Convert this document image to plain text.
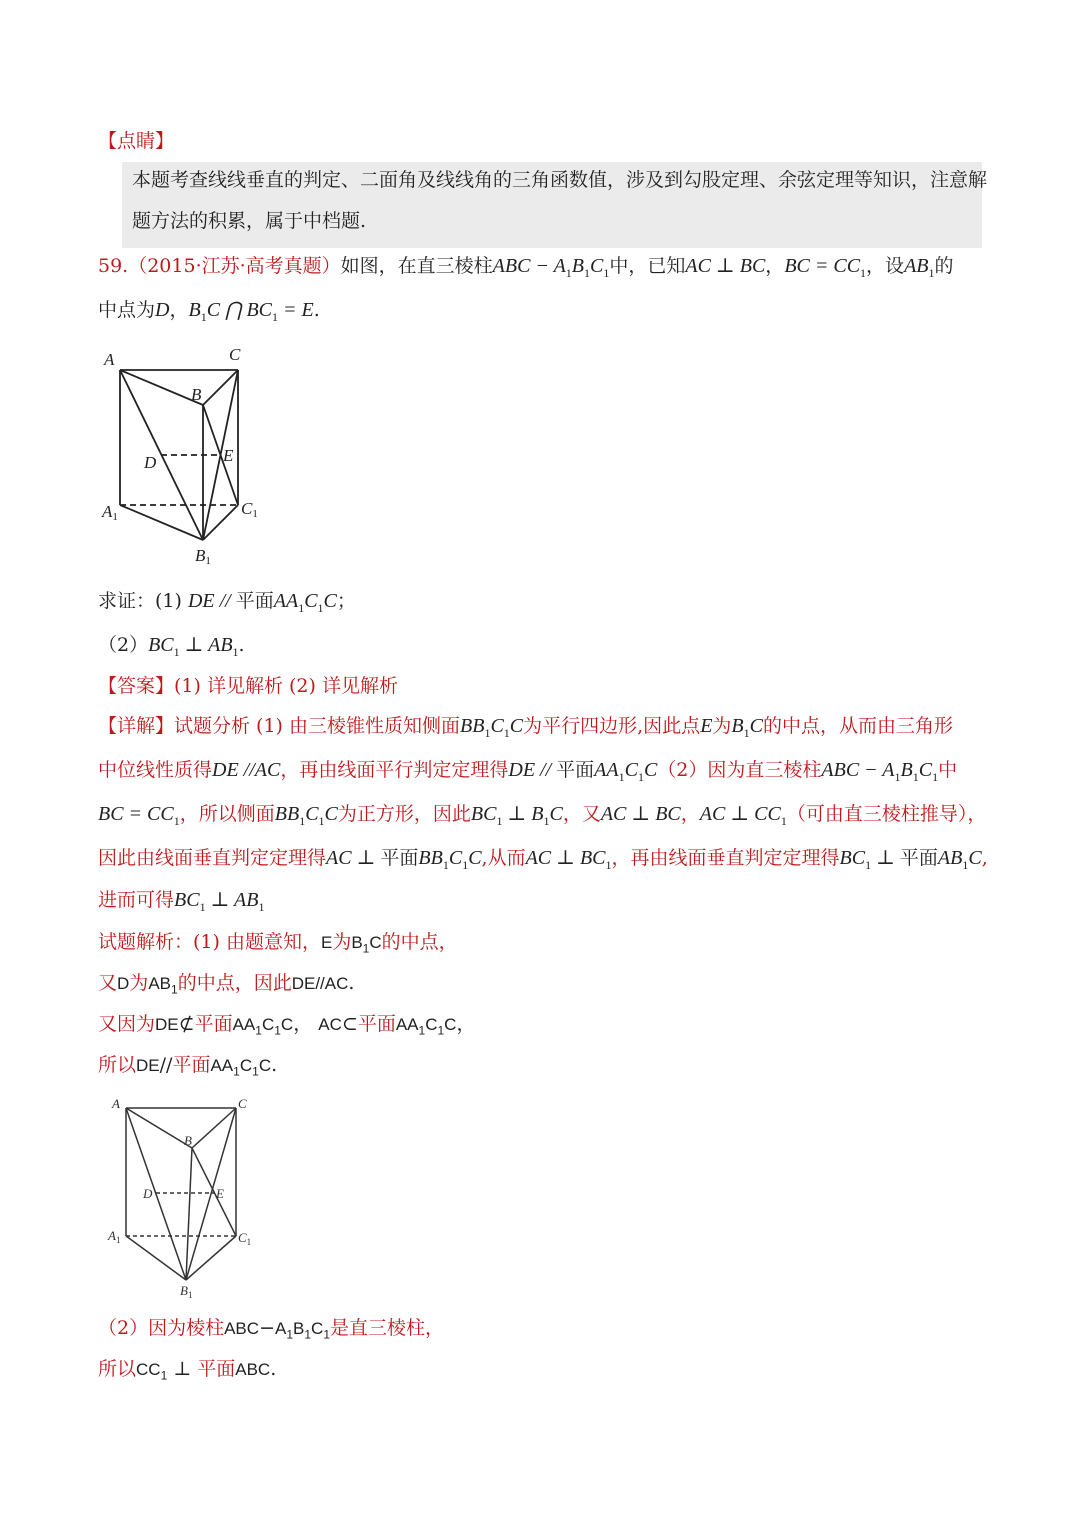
【点睛】
本题考查线线垂直的判定、二面角及线线角的三角函数值，涉及到勾股定理、余弦定理等知识，注意解
题方法的积累，属于中档题.
59.（2015·江苏·高考真题）如图，在直三棱柱ABC − $A_1B_1C_1$中，已知AC ⊥ BC，BC = $CC_1$，设$AB_1$的
中点为D，$B_1C$ ⋂ $BC_1 = E$.
A	C
B
D	E
A1	C1
B1
求证：(1) DE // 平面$AA_1C_1C$；
$(2)BC_1$ ⊥ $AB_1$.
【答案】(1) 详见解析 (2) 详见解析
【详解】试题分析 (1) 由三棱锥性质知侧面$BB_1C_1C$为平行四边形,因此点E为$B_1C$的中点，从而由三角形
中位线性质得DE //AC，再由线面平行判定定理得DE // 平面$AA_1C_1C(2)$因为直三棱柱ABC − $A_1B_1C_1$中
BC = $CC_1$，所以侧面$BB_1C_1C$为正方形，因此$BC_1$ ⊥ $B_1C$，又AC ⊥ BC，AC ⊥ $CC_1$（可由直三棱柱推导），
因此由线面垂直判定定理得AC ⊥ 平面$BB_1C_1C$,从而AC ⊥ $BC_1$，再由线面垂直判定定理得$BC_1$ ⊥ 平面$AB_1C$,
进而可得$BC_1$ ⊥ $AB_1$
试题解析：(1) 由题意知，E为$B_1C$的中点，
又D为$AB_1$的中点，因此DE//AC.
又因为DE⊄平面$AA_1C_1C$， AC⊂平面$AA_1C_1C$，
所以DE//平面$AA_1C_1C$.
A	C
B
D	E
$A_1$	$C_1$
$B_1$
（2）因为棱柱$ABC-A_1B_1C_1$是直三棱柱，
所以$CC_1$ ⊥ 平面ABC.
